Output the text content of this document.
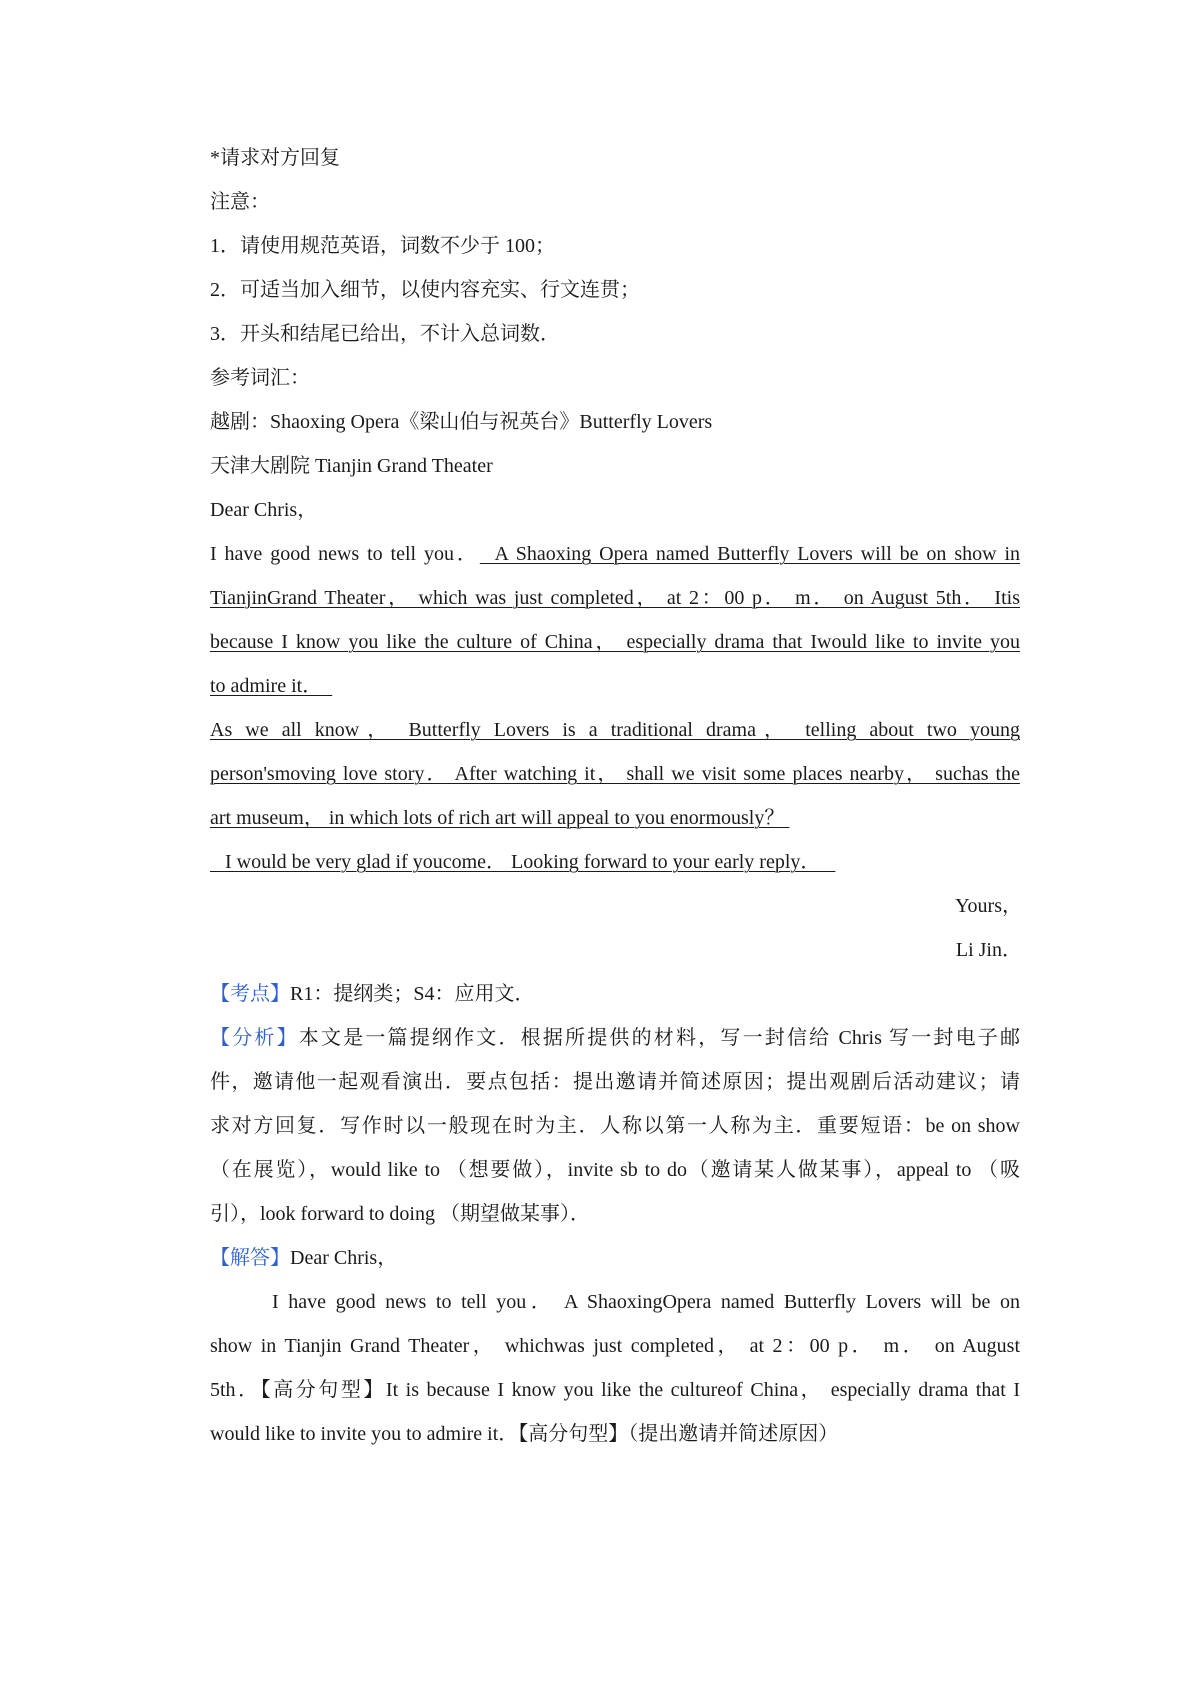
*请求对方回复
注意：
1．请使用规范英语，词数不少于 100；
2．可适当加入细节，以使内容充实、行文连贯；
3．开头和结尾已给出，不计入总词数．
参考词汇：
越剧：Shaoxing Opera《梁山伯与祝英台》Butterfly Lovers
天津大剧院 Tianjin Grand Theater
Dear Chris，
I have good news to tell you．  A Shaoxing Opera named Butterfly Lovers will be on show in
TianjinGrand Theater， which was just completed， at 2：00 p． m． on August 5th． Itis
because I know you like the culture of China， especially drama that Iwould like to invite you
to admire it．
As we all know， Butterfly Lovers is a traditional drama， telling about two young
person'smoving love story． After watching it， shall we visit some places nearby， suchas the
art museum， in which lots of rich art will appeal to you enormously？
I would be very glad if youcome． Looking forward to your early reply．
Yours，
Li Jin．
【考点】R1：提纲类；S4：应用文．
【分析】本文是一篇提纲作文．根据所提供的材料，写一封信给 Chris 写一封电子邮
件，邀请他一起观看演出．要点包括：提出邀请并简述原因；提出观剧后活动建议；请
求对方回复．写作时以一般现在时为主．人称以第一人称为主．重要短语：be on show
（在展览），would like to （想要做），invite sb to do（邀请某人做某事），appeal to （吸
引），look forward to doing （期望做某事）．
【解答】Dear Chris，
I have good news to tell you． A ShaoxingOpera named Butterfly Lovers will be on
show in Tianjin Grand Theater， whichwas just completed， at 2：00 p． m． on August
5th．【高分句型】It is because I know you like the cultureof China， especially drama that I
would like to invite you to admire it．【高分句型】（提出邀请并简述原因）
